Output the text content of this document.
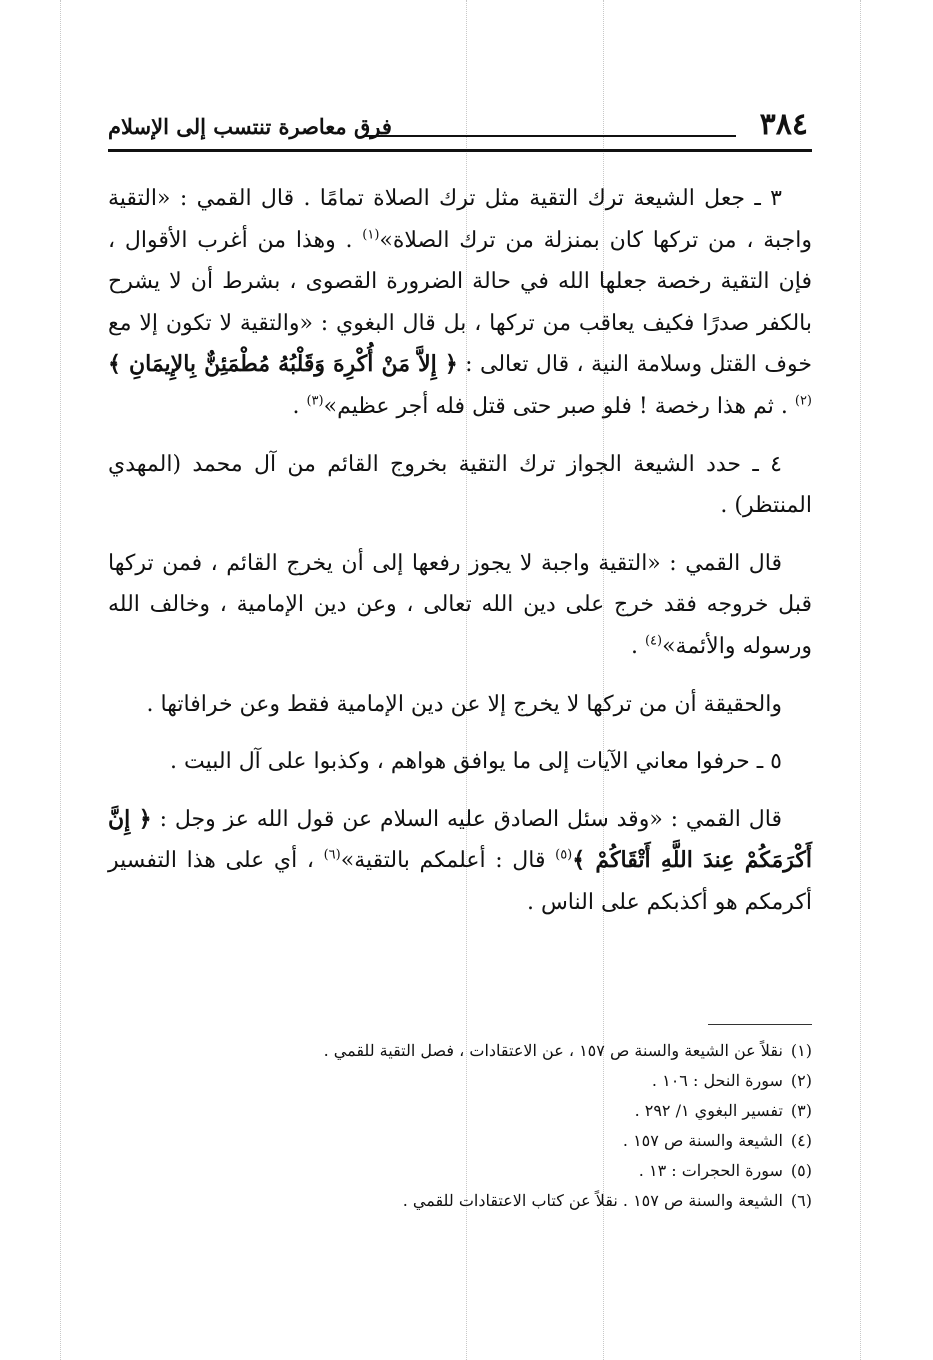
٣٨٤
فرق معاصرة تنتسب إلى الإسلام

٣ ـ جعل الشيعة ترك التقية مثل ترك الصلاة تمامًا . قال القمي : «التقية واجبة ، من تركها كان بمنزلة من ترك الصلاة»$^{(١)}$ . وهذا من أغرب الأقوال ، فإن التقية رخصة جعلها الله في حالة الضرورة القصوى ، بشرط أن لا يشرح بالكفر صدرًا فكيف يعاقب من تركها ، بل قال البغوي : «والتقية لا تكون إلا مع خوف القتل وسلامة النية ، قال تعالى : ﴿ إِلاَّ مَنْ أُكْرِهَ وَقَلْبُهُ مُطْمَئِنٌّ بِالإِيمَانِ ﴾$^{(٢)}$ . ثم هذا رخصة ! فلو صبر حتى قتل فله أجر عظيم»$^{(٣)}$ .

٤ ـ حدد الشيعة الجواز ترك التقية بخروج القائم من آل محمد (المهدي المنتظر) .

قال القمي : «التقية واجبة لا يجوز رفعها إلى أن يخرج القائم ، فمن تركها قبل خروجه فقد خرج على دين الله تعالى ، وعن دين الإمامية ، وخالف الله ورسوله والأئمة»$^{(٤)}$ .

والحقيقة أن من تركها لا يخرج إلا عن دين الإمامية فقط وعن خرافاتها .

٥ ـ حرفوا معاني الآيات إلى ما يوافق هواهم ، وكذبوا على آل البيت .

قال القمي : «وقد سئل الصادق عليه السلام عن قول الله عز وجل : ﴿ إِنَّ أَكْرَمَكُمْ عِندَ اللَّهِ أَتْقَاكُمْ ﴾$^{(٥)}$ قال : أعلمكم بالتقية»$^{(٦)}$ ، أي على هذا التفسير أكرمكم هو أكذبكم على الناس .

(١)نقلاً عن الشيعة والسنة ص ١٥٧ ، عن الاعتقادات ، فصل التقية للقمي .
(٢)سورة النحل : ١٠٦ .
(٣)تفسير البغوي ١/ ٢٩٢ .
(٤)الشيعة والسنة ص ١٥٧ .
(٥)سورة الحجرات : ١٣ .
(٦)الشيعة والسنة ص ١٥٧ . نقلاً عن كتاب الاعتقادات للقمي .
